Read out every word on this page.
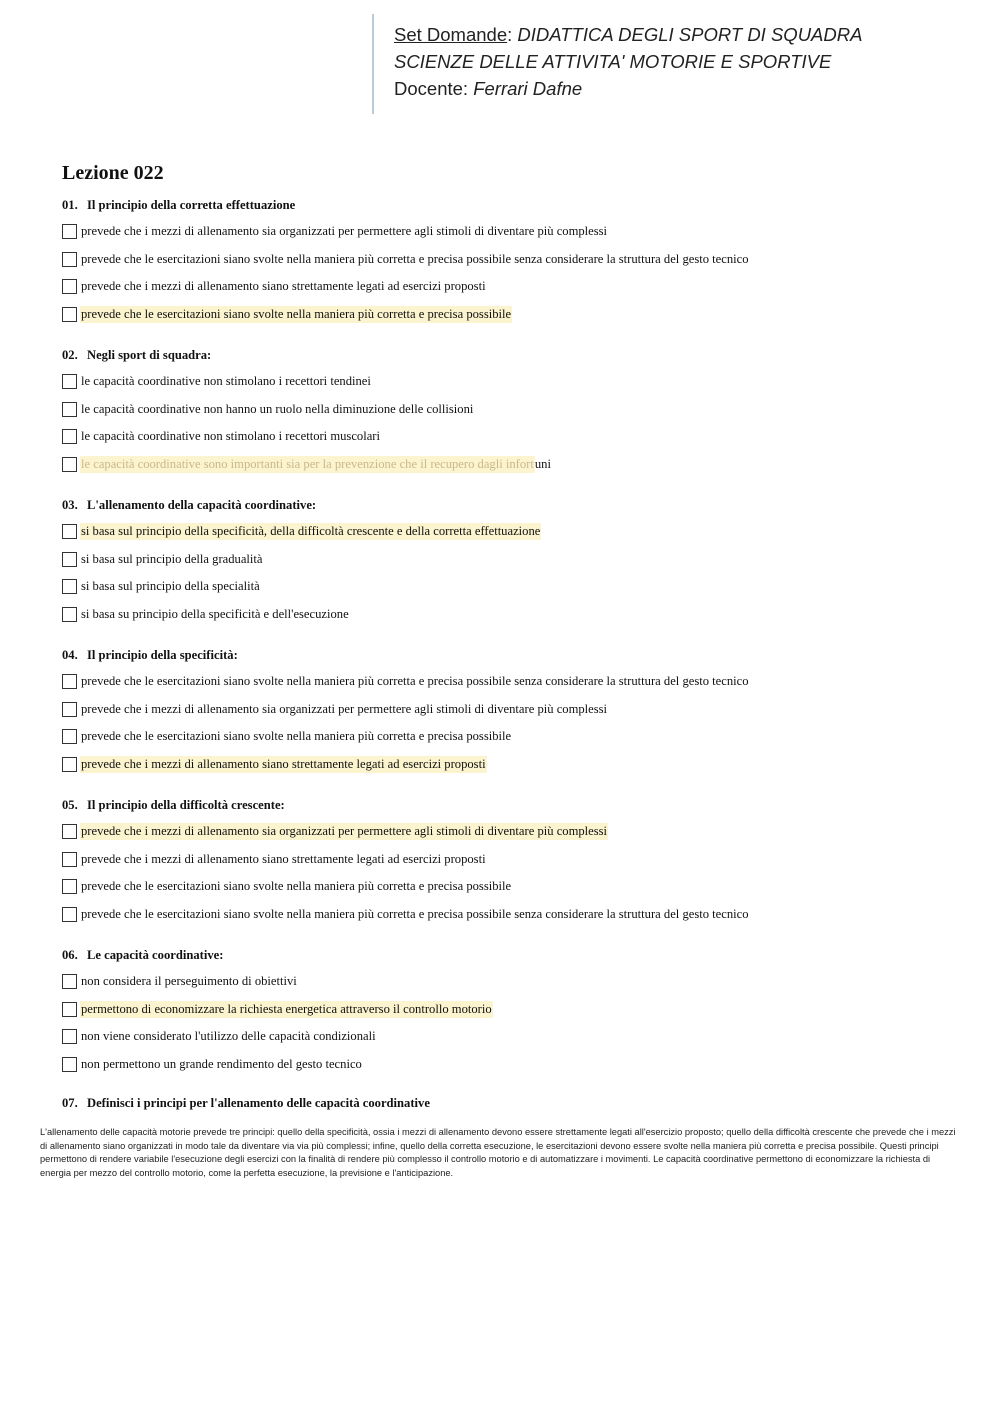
Set Domande: DIDATTICA DEGLI SPORT DI SQUADRA
SCIENZE DELLE ATTIVITA' MOTORIE E SPORTIVE
Docente: Ferrari Dafne
Lezione 022
01. Il principio della corretta effettuazione
prevede che i mezzi di allenamento sia organizzati per permettere agli stimoli di diventare più complessi
prevede che le esercitazioni siano svolte nella maniera più corretta e precisa possibile senza considerare la struttura del gesto tecnico
prevede che i mezzi di allenamento siano strettamente legati ad esercizi proposti
prevede che le esercitazioni siano svolte nella maniera più corretta e precisa possibile
02. Negli sport di squadra:
le capacità coordinative non stimolano i recettori tendinei
le capacità coordinative non hanno un ruolo nella diminuzione delle collisioni
le capacità coordinative non stimolano i recettori muscolari
le capacità coordinative sono importanti sia per la prevenzione che il recupero dagli infort uni
03. L'allenamento della capacità coordinative:
si basa sul principio della specificità, della difficoltà crescente e della corretta effettuazione
si basa sul principio della gradualità
si basa sul principio della specialità
si basa su principio della specificità e dell'esecuzione
04. Il principio della specificità:
prevede che le esercitazioni siano svolte nella maniera più corretta e precisa possibile senza considerare la struttura del gesto tecnico
prevede che i mezzi di allenamento sia organizzati per permettere agli stimoli di diventare più complessi
prevede che le esercitazioni siano svolte nella maniera più corretta e precisa possibile
prevede che i mezzi di allenamento siano strettamente legati ad esercizi proposti
05. Il principio della difficoltà crescente:
prevede che i mezzi di allenamento sia organizzati per permettere agli stimoli di diventare più complessi
prevede che i mezzi di allenamento siano strettamente legati ad esercizi proposti
prevede che le esercitazioni siano svolte nella maniera più corretta e precisa possibile
prevede che le esercitazioni siano svolte nella maniera più corretta e precisa possibile senza considerare la struttura del gesto tecnico
06. Le capacità coordinative:
non considera il perseguimento di obiettivi
permettono di economizzare la richiesta energetica attraverso il controllo motorio
non viene considerato l'utilizzo delle capacità condizionali
non permettono un grande rendimento del gesto tecnico
07. Definisci i principi per l'allenamento delle capacità coordinative
L'allenamento delle capacità motorie prevede tre principi: quello della specificità, ossia i mezzi di allenamento devono essere strettamente legati all'esercizio proposto; quello della difficoltà crescente che prevede che i mezzi di allenamento siano organizzati in modo tale da diventare via via più complessi; infine, quello della corretta esecuzione, le esercitazioni devono essere svolte nella maniera più corretta e precisa possibile. Questi principi permettono di rendere variabile l'esecuzione degli esercizi con la finalità di rendere più complesso il controllo motorio e di automatizzare i movimenti. Le capacità coordinative permettono di economizzare la richiesta di energia per mezzo del controllo motorio, come la perfetta esecuzione, la previsione e l'anticipazione.
